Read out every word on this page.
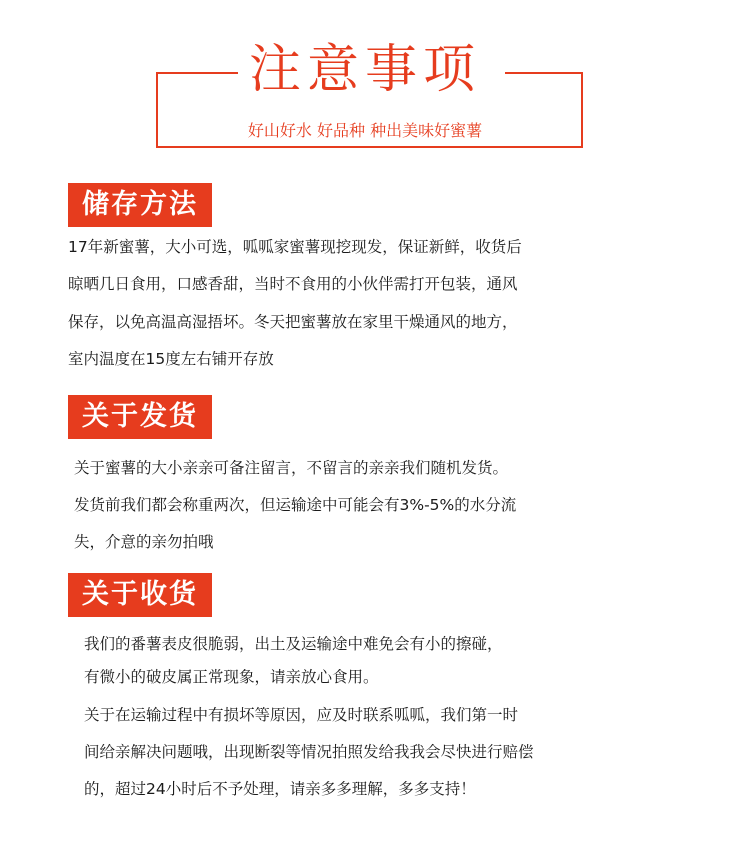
注意事项
好山好水 好品种 种出美味好蜜薯
储存方法
17年新蜜薯，大小可选，呱呱家蜜薯现挖现发，保证新鲜，收货后
晾晒几日食用，口感香甜，当时不食用的小伙伴需打开包装，通风
保存，以免高温高湿捂坏。冬天把蜜薯放在家里干燥通风的地方，
室内温度在15度左右铺开存放
关于发货
关于蜜薯的大小亲亲可备注留言，不留言的亲亲我们随机发货。
发货前我们都会称重两次，但运输途中可能会有3%-5%的水分流
失，介意的亲勿拍哦
关于收货
我们的番薯表皮很脆弱，出土及运输途中难免会有小的擦碰，
有微小的破皮属正常现象，请亲放心食用。
关于在运输过程中有损坏等原因，应及时联系呱呱，我们第一时
间给亲解决问题哦，出现断裂等情况拍照发给我我会尽快进行赔偿
的，超过24小时后不予处理，请亲多多理解，多多支持！
